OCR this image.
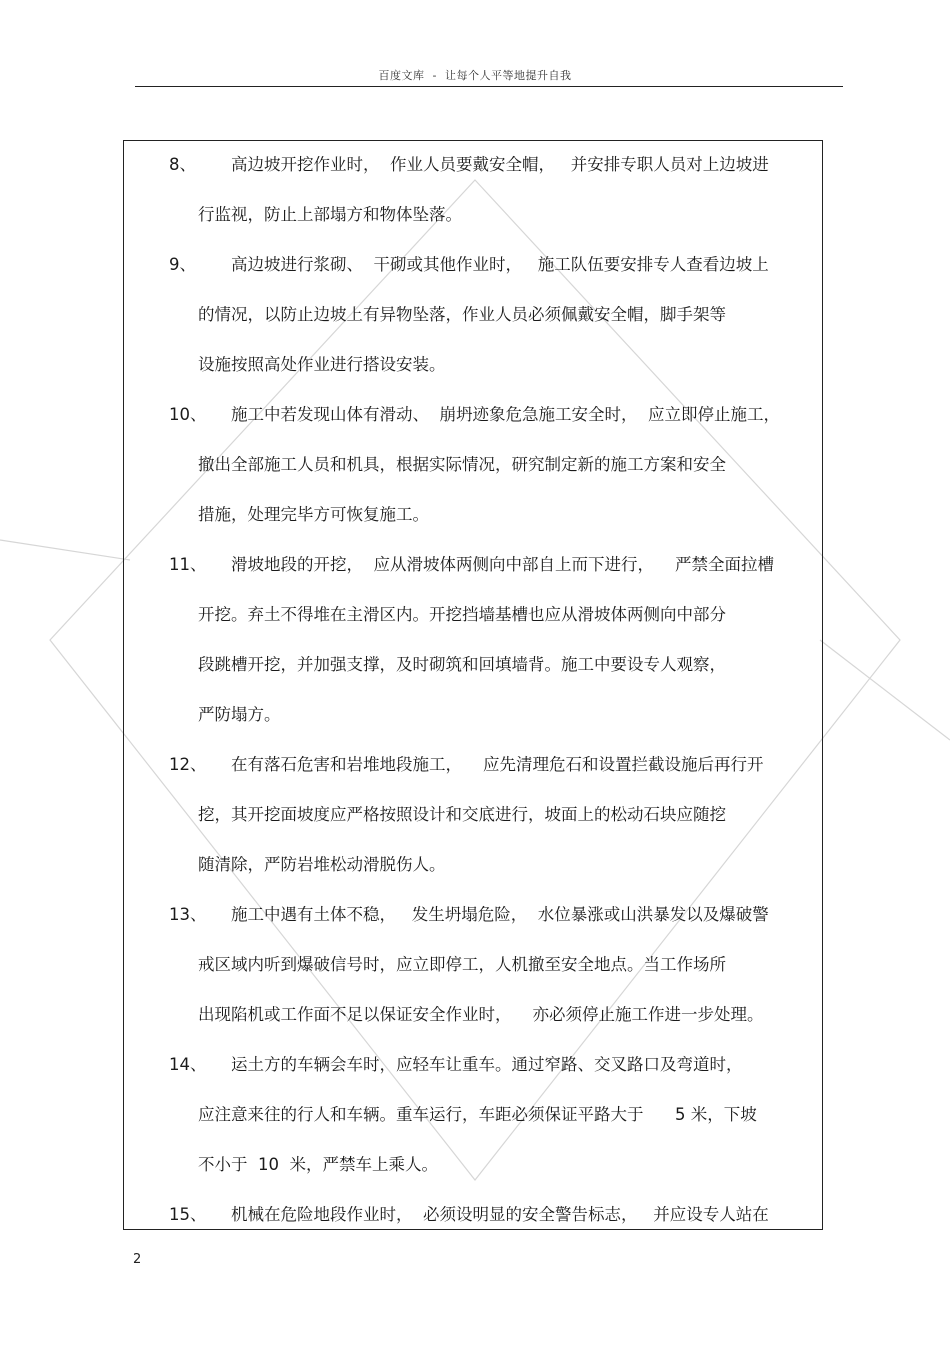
百度文库  -  让每个人平等地提升自我
8、 高边坡开挖作业时，  作业人员要戴安全帽，   并安排专职人员对上边坡进
行监视，防止上部塌方和物体坠落。
9、 高边坡进行浆砌、  干砌或其他作业时，   施工队伍要安排专人查看边坡上
的情况，以防止边坡上有异物坠落，作业人员必须佩戴安全帽，脚手架等
设施按照高处作业进行搭设安装。
10、 施工中若发现山体有滑动、  崩坍迹象危急施工安全时，  应立即停止施工，
撤出全部施工人员和机具，根据实际情况，研究制定新的施工方案和安全
措施，处理完毕方可恢复施工。
11、 滑坡地段的开挖，  应从滑坡体两侧向中部自上而下进行，    严禁全面拉槽
开挖。弃土不得堆在主滑区内。开挖挡墙基槽也应从滑坡体两侧向中部分
段跳槽开挖，并加强支撑，及时砌筑和回填墙背。施工中要设专人观察，
严防塌方。
12、 在有落石危害和岩堆地段施工，    应先清理危石和设置拦截设施后再行开
挖，其开挖面坡度应严格按照设计和交底进行，坡面上的松动石块应随挖
随清除，严防岩堆松动滑脱伤人。
13、 施工中遇有土体不稳，   发生坍塌危险，  水位暴涨或山洪暴发以及爆破警
戒区域内听到爆破信号时，应立即停工，人机撤至安全地点。当工作场所
出现陷机或工作面不足以保证安全作业时，    亦必须停止施工作进一步处理。
14、 运土方的车辆会车时，应轻车让重车。通过窄路、交叉路口及弯道时，
应注意来往的行人和车辆。重车运行，车距必须保证平路大于      5 米，下坡
不小于  10  米，严禁车上乘人。
15、 机械在危险地段作业时，  必须设明显的安全警告标志，   并应设专人站在
2
